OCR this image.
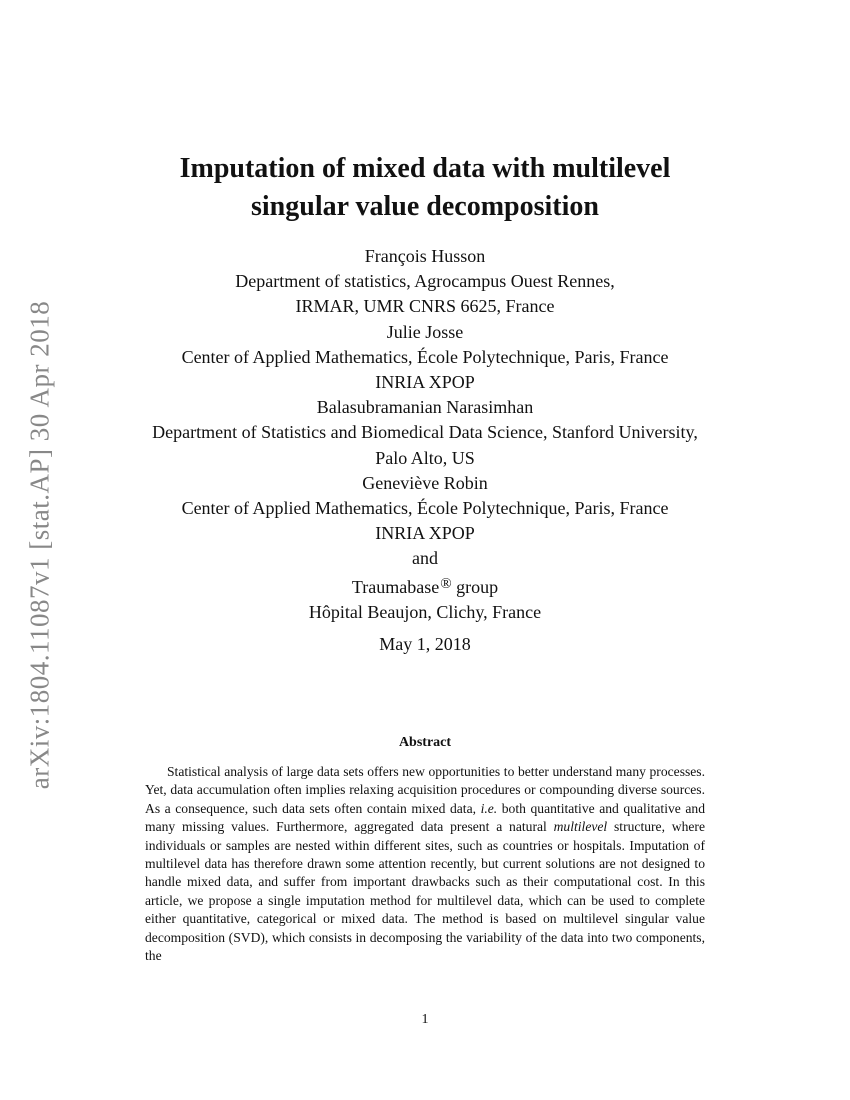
arXiv:1804.11087v1 [stat.AP] 30 Apr 2018
Imputation of mixed data with multilevel
singular value decomposition
François Husson
Department of statistics, Agrocampus Ouest Rennes,
IRMAR, UMR CNRS 6625, France
Julie Josse
Center of Applied Mathematics, École Polytechnique, Paris, France
INRIA XPOP
Balasubramanian Narasimhan
Department of Statistics and Biomedical Data Science, Stanford University,
Palo Alto, US
Geneviève Robin
Center of Applied Mathematics, École Polytechnique, Paris, France
INRIA XPOP
and
Traumabase® group
Hôpital Beaujon, Clichy, France
May 1, 2018
Abstract

Statistical analysis of large data sets offers new opportunities to better understand many processes. Yet, data accumulation often implies relaxing acquisition procedures or compounding diverse sources. As a consequence, such data sets often contain mixed data, i.e. both quantitative and qualitative and many missing values. Furthermore, aggregated data present a natural multilevel structure, where individuals or samples are nested within different sites, such as countries or hospitals. Imputation of multilevel data has therefore drawn some attention recently, but current solutions are not designed to handle mixed data, and suffer from important drawbacks such as their computational cost. In this article, we propose a single imputation method for multilevel data, which can be used to complete either quantitative, categorical or mixed data. The method is based on multilevel singular value decomposition (SVD), which consists in decomposing the variability of the data into two components, the

1
